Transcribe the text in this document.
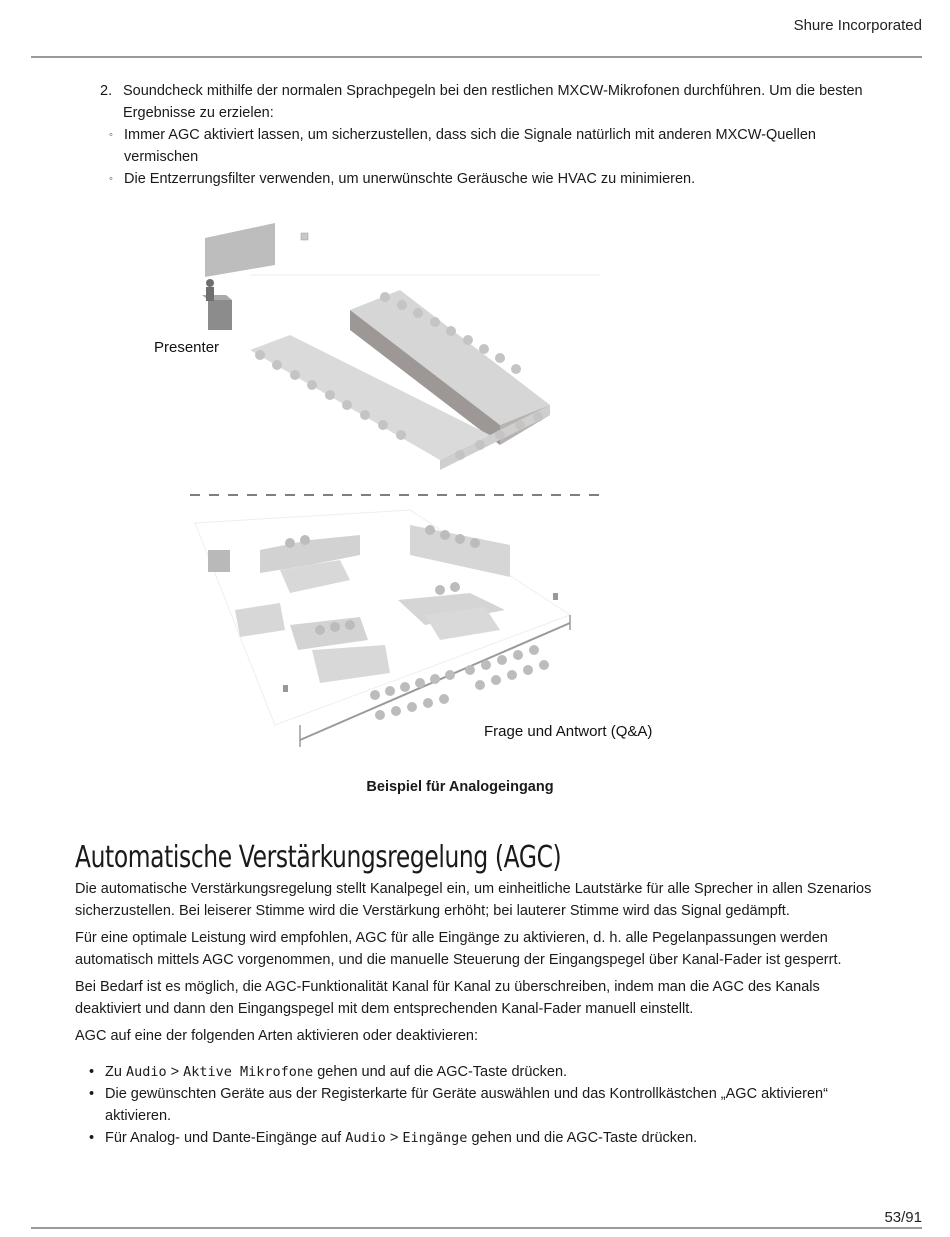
Shure Incorporated
2. Soundcheck mithilfe der normalen Sprachpegeln bei den restlichen MXCW-Mikrofonen durchführen. Um die besten Ergebnisse zu erzielen:
◦ Immer AGC aktiviert lassen, um sicherzustellen, dass sich die Signale natürlich mit anderen MXCW-Quellen vermischen
◦ Die Entzerrungsfilter verwenden, um unerwünschte Geräusche wie HVAC zu minimieren.
Presenter
Frage und Antwort (Q&A)
Beispiel für Analogeingang
Automatische Verstärkungsregelung (AGC)

Die automatische Verstärkungsregelung stellt Kanalpegel ein, um einheitliche Lautstärke für alle Sprecher in allen Szenarios sicherzustellen. Bei leiserer Stimme wird die Verstärkung erhöht; bei lauterer Stimme wird das Signal gedämpft.

Für eine optimale Leistung wird empfohlen, AGC für alle Eingänge zu aktivieren, d. h. alle Pegelanpassungen werden automatisch mittels AGC vorgenommen, und die manuelle Steuerung der Eingangspegel über Kanal-Fader ist gesperrt.

Bei Bedarf ist es möglich, die AGC-Funktionalität Kanal für Kanal zu überschreiben, indem man die AGC des Kanals deaktiviert und dann den Eingangspegel mit dem entsprechenden Kanal-Fader manuell einstellt.

AGC auf eine der folgenden Arten aktivieren oder deaktivieren:

• Zu Audio > Aktive Mikrofone gehen und auf die AGC-Taste drücken.
• Die gewünschten Geräte aus der Registerkarte für Geräte auswählen und das Kontrollkästchen „AGC aktivieren“ aktivieren.
• Für Analog- und Dante-Eingänge auf Audio > Eingänge gehen und die AGC-Taste drücken.
53/91
